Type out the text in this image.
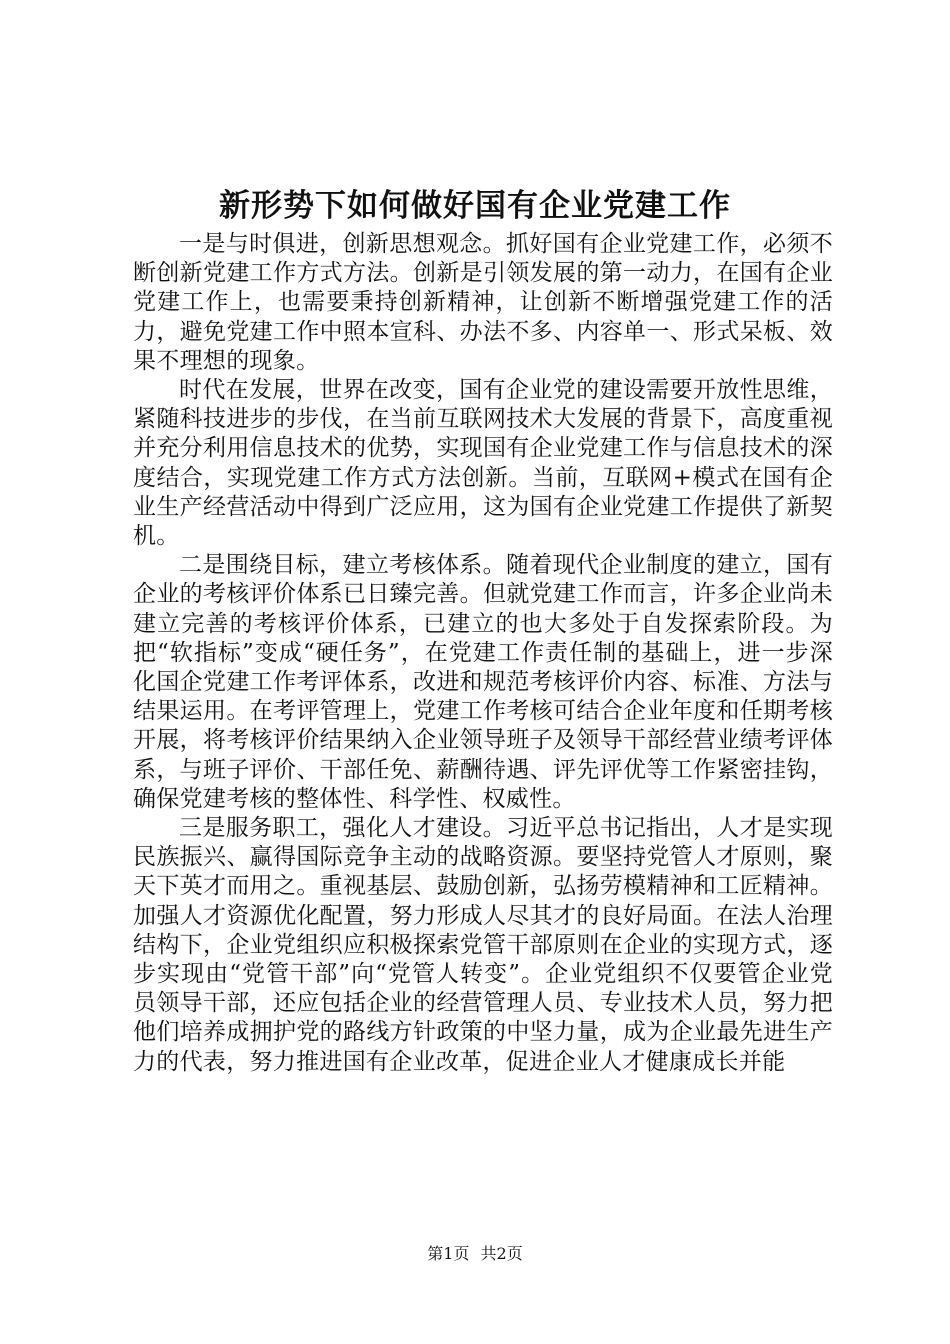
新形势下如何做好国有企业党建工作

一是与时俱进，创新思想观念。抓好国有企业党建工作，必须不断创新党建工作方式方法。创新是引领发展的第一动力，在国有企业党建工作上，也需要秉持创新精神，让创新不断增强党建工作的活力，避免党建工作中照本宣科、办法不多、内容单一、形式呆板、效果不理想的现象。

时代在发展，世界在改变，国有企业党的建设需要开放性思维，紧随科技进步的步伐，在当前互联网技术大发展的背景下，高度重视并充分利用信息技术的优势，实现国有企业党建工作与信息技术的深度结合，实现党建工作方式方法创新。当前，互联网+模式在国有企业生产经营活动中得到广泛应用，这为国有企业党建工作提供了新契机。

二是围绕目标，建立考核体系。随着现代企业制度的建立，国有企业的考核评价体系已日臻完善。但就党建工作而言，许多企业尚未建立完善的考核评价体系，已建立的也大多处于自发探索阶段。为把“软指标”变成“硬任务”，在党建工作责任制的基础上，进一步深化国企党建工作考评体系，改进和规范考核评价内容、标准、方法与结果运用。在考评管理上，党建工作考核可结合企业年度和任期考核开展，将考核评价结果纳入企业领导班子及领导干部经营业绩考评体系，与班子评价、干部任免、薪酬待遇、评先评优等工作紧密挂钩，确保党建考核的整体性、科学性、权威性。

三是服务职工，强化人才建设。习近平总书记指出，人才是实现民族振兴、赢得国际竞争主动的战略资源。要坚持党管人才原则，聚天下英才而用之。重视基层、鼓励创新，弘扬劳模精神和工匠精神。加强人才资源优化配置，努力形成人尽其才的良好局面。在法人治理结构下，企业党组织应积极探索党管干部原则在企业的实现方式，逐步实现由“党管干部”向“党管人转变”。企业党组织不仅要管企业党员领导干部，还应包括企业的经营管理人员、专业技术人员，努力把他们培养成拥护党的路线方针政策的中坚力量，成为企业最先进生产力的代表，努力推进国有企业改革，促进企业人才健康成长并能

第1页 共2页
